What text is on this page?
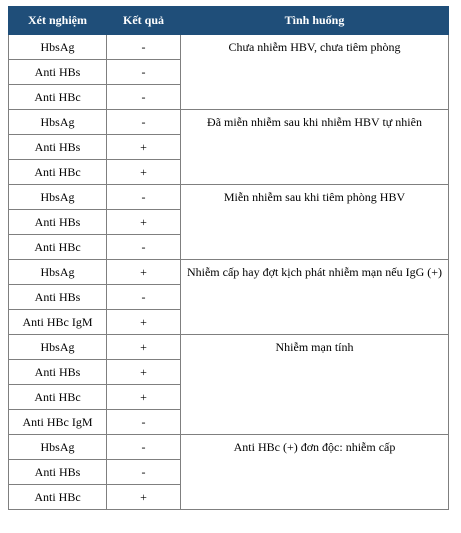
Xét nghiệm	Kết quả	Tình huống
HbsAg	-	Chưa nhiễm HBV, chưa tiêm phòng
Anti HBs	-	
Anti HBc	-	
HbsAg	-	Đã miễn nhiễm sau khi nhiễm HBV tự nhiên
Anti HBs	+	
Anti HBc	+	
HbsAg	-	Miễn nhiễm sau khi tiêm phòng HBV
Anti HBs	+	
Anti HBc	-	
HbsAg	+	Nhiễm cấp hay đợt kịch phát nhiễm mạn nếu IgG (+)
Anti HBs	-	
Anti HBc IgM	+	
HbsAg	+	Nhiễm mạn tính
Anti HBs	+	
Anti HBc	+	
Anti HBc IgM	-	
HbsAg	-	Anti HBc (+) đơn độc: nhiễm cấp
Anti HBs	-	
Anti HBc	+	
